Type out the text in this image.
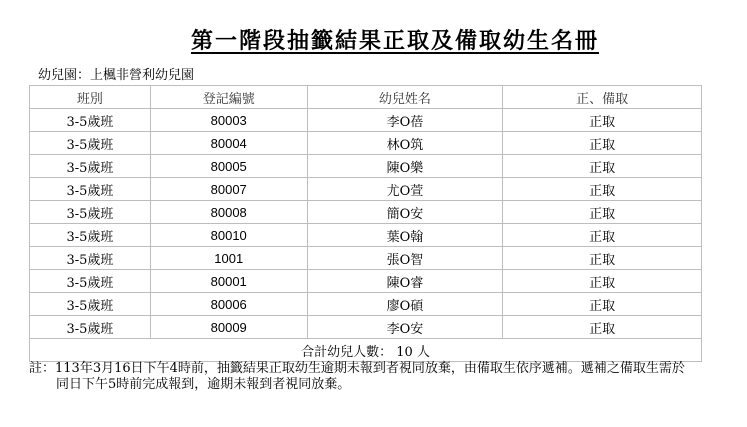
第一階段抽籤結果正取及備取幼生名冊
幼兒園：上楓非營利幼兒園
班別	登記編號	幼兒姓名	正、備取
3-5歲班	80003	李O蓓	正取
3-5歲班	80004	林O筑	正取
3-5歲班	80005	陳O樂	正取
3-5歲班	80007	尤O萱	正取
3-5歲班	80008	簡O安	正取
3-5歲班	80010	葉O翰	正取
3-5歲班	1001	張O智	正取
3-5歲班	80001	陳O睿	正取
3-5歲班	80006	廖O碩	正取
3-5歲班	80009	李O安	正取
合計幼兒人數： 10 人			
註：113年3月16日下午4時前，抽籤結果正取幼生逾期未報到者視同放棄，由備取生依序遞補。遞補之備取生需於
同日下午5時前完成報到，逾期未報到者視同放棄。
